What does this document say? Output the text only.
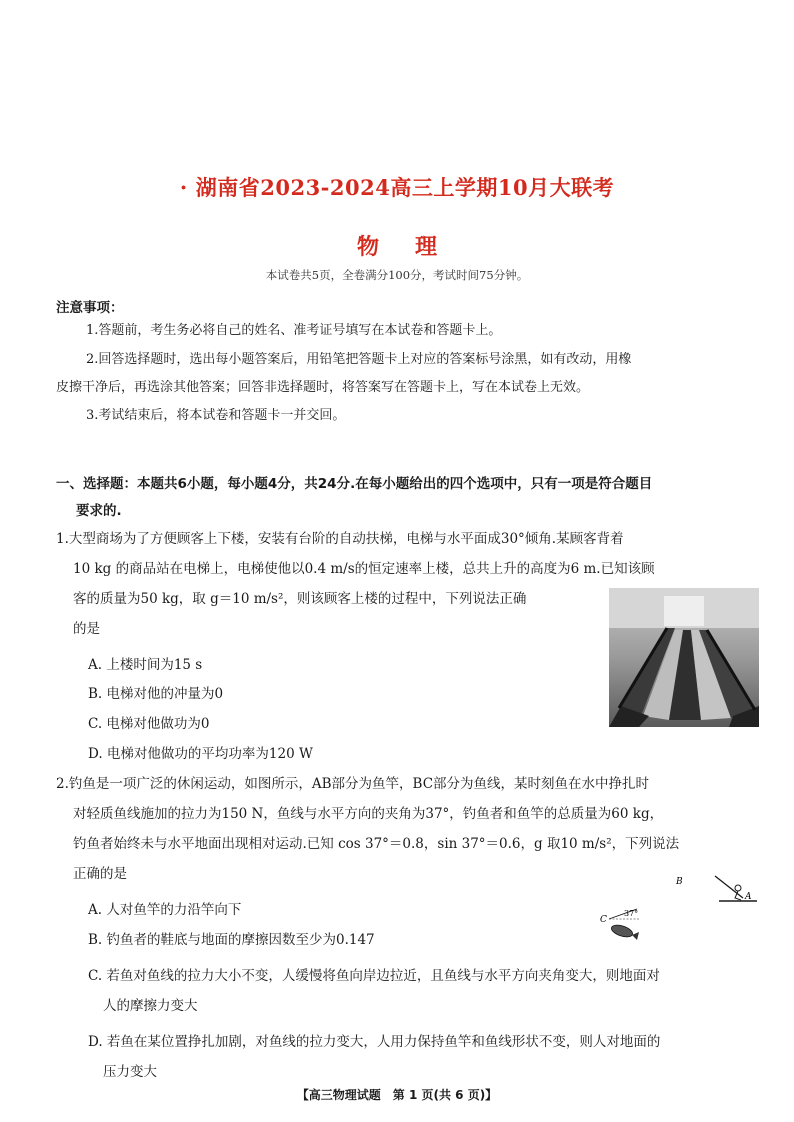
· 湖南省2023-2024高三上学期10月大联考
物 理
本试卷共5页，全卷满分100分，考试时间75分钟。
注意事项：
1.答题前，考生务必将自己的姓名、准考证号填写在本试卷和答题卡上。
2.回答选择题时，选出每小题答案后，用铅笔把答题卡上对应的答案标号涂黑，如有改动，用橡
皮擦干净后，再选涂其他答案；回答非选择题时，将答案写在答题卡上，写在本试卷上无效。
3.考试结束后，将本试卷和答题卡一并交回。
一、选择题：本题共6小题，每小题4分，共24分.在每小题给出的四个选项中，只有一项是符合题目
要求的.
1.大型商场为了方便顾客上下楼，安装有台阶的自动扶梯，电梯与水平面成30°倾角.某顾客背着
10 kg 的商品站在电梯上，电梯使他以0.4 m/s的恒定速率上楼，总共上升的高度为6 m.已知该顾
客的质量为50 kg，取 g＝10 m/s²，则该顾客上楼的过程中，下列说法正确
的是
A. 上楼时间为15 s
B. 电梯对他的冲量为0
C. 电梯对他做功为0
D. 电梯对他做功的平均功率为120 W
2.钓鱼是一项广泛的休闲运动，如图所示，AB部分为鱼竿，BC部分为鱼线，某时刻鱼在水中挣扎时
对轻质鱼线施加的拉力为150 N，鱼线与水平方向的夹角为37°，钓鱼者和鱼竿的总质量为60 kg，
钓鱼者始终未与水平地面出现相对运动.已知 cos 37°＝0.8，sin 37°＝0.6，g 取10 m/s²，下列说法
正确的是
A. 人对鱼竿的力沿竿向下
B. 钓鱼者的鞋底与地面的摩擦因数至少为0.147
C. 若鱼对鱼线的拉力大小不变，人缓慢将鱼向岸边拉近，且鱼线与水平方向夹角变大，则地面对
人的摩擦力变大
D. 若鱼在某位置挣扎加剧，对鱼线的拉力变大，人用力保持鱼竿和鱼线形状不变，则人对地面的
压力变大
B
A
C
37°
【高三物理试题　第 1 页(共 6 页)】
